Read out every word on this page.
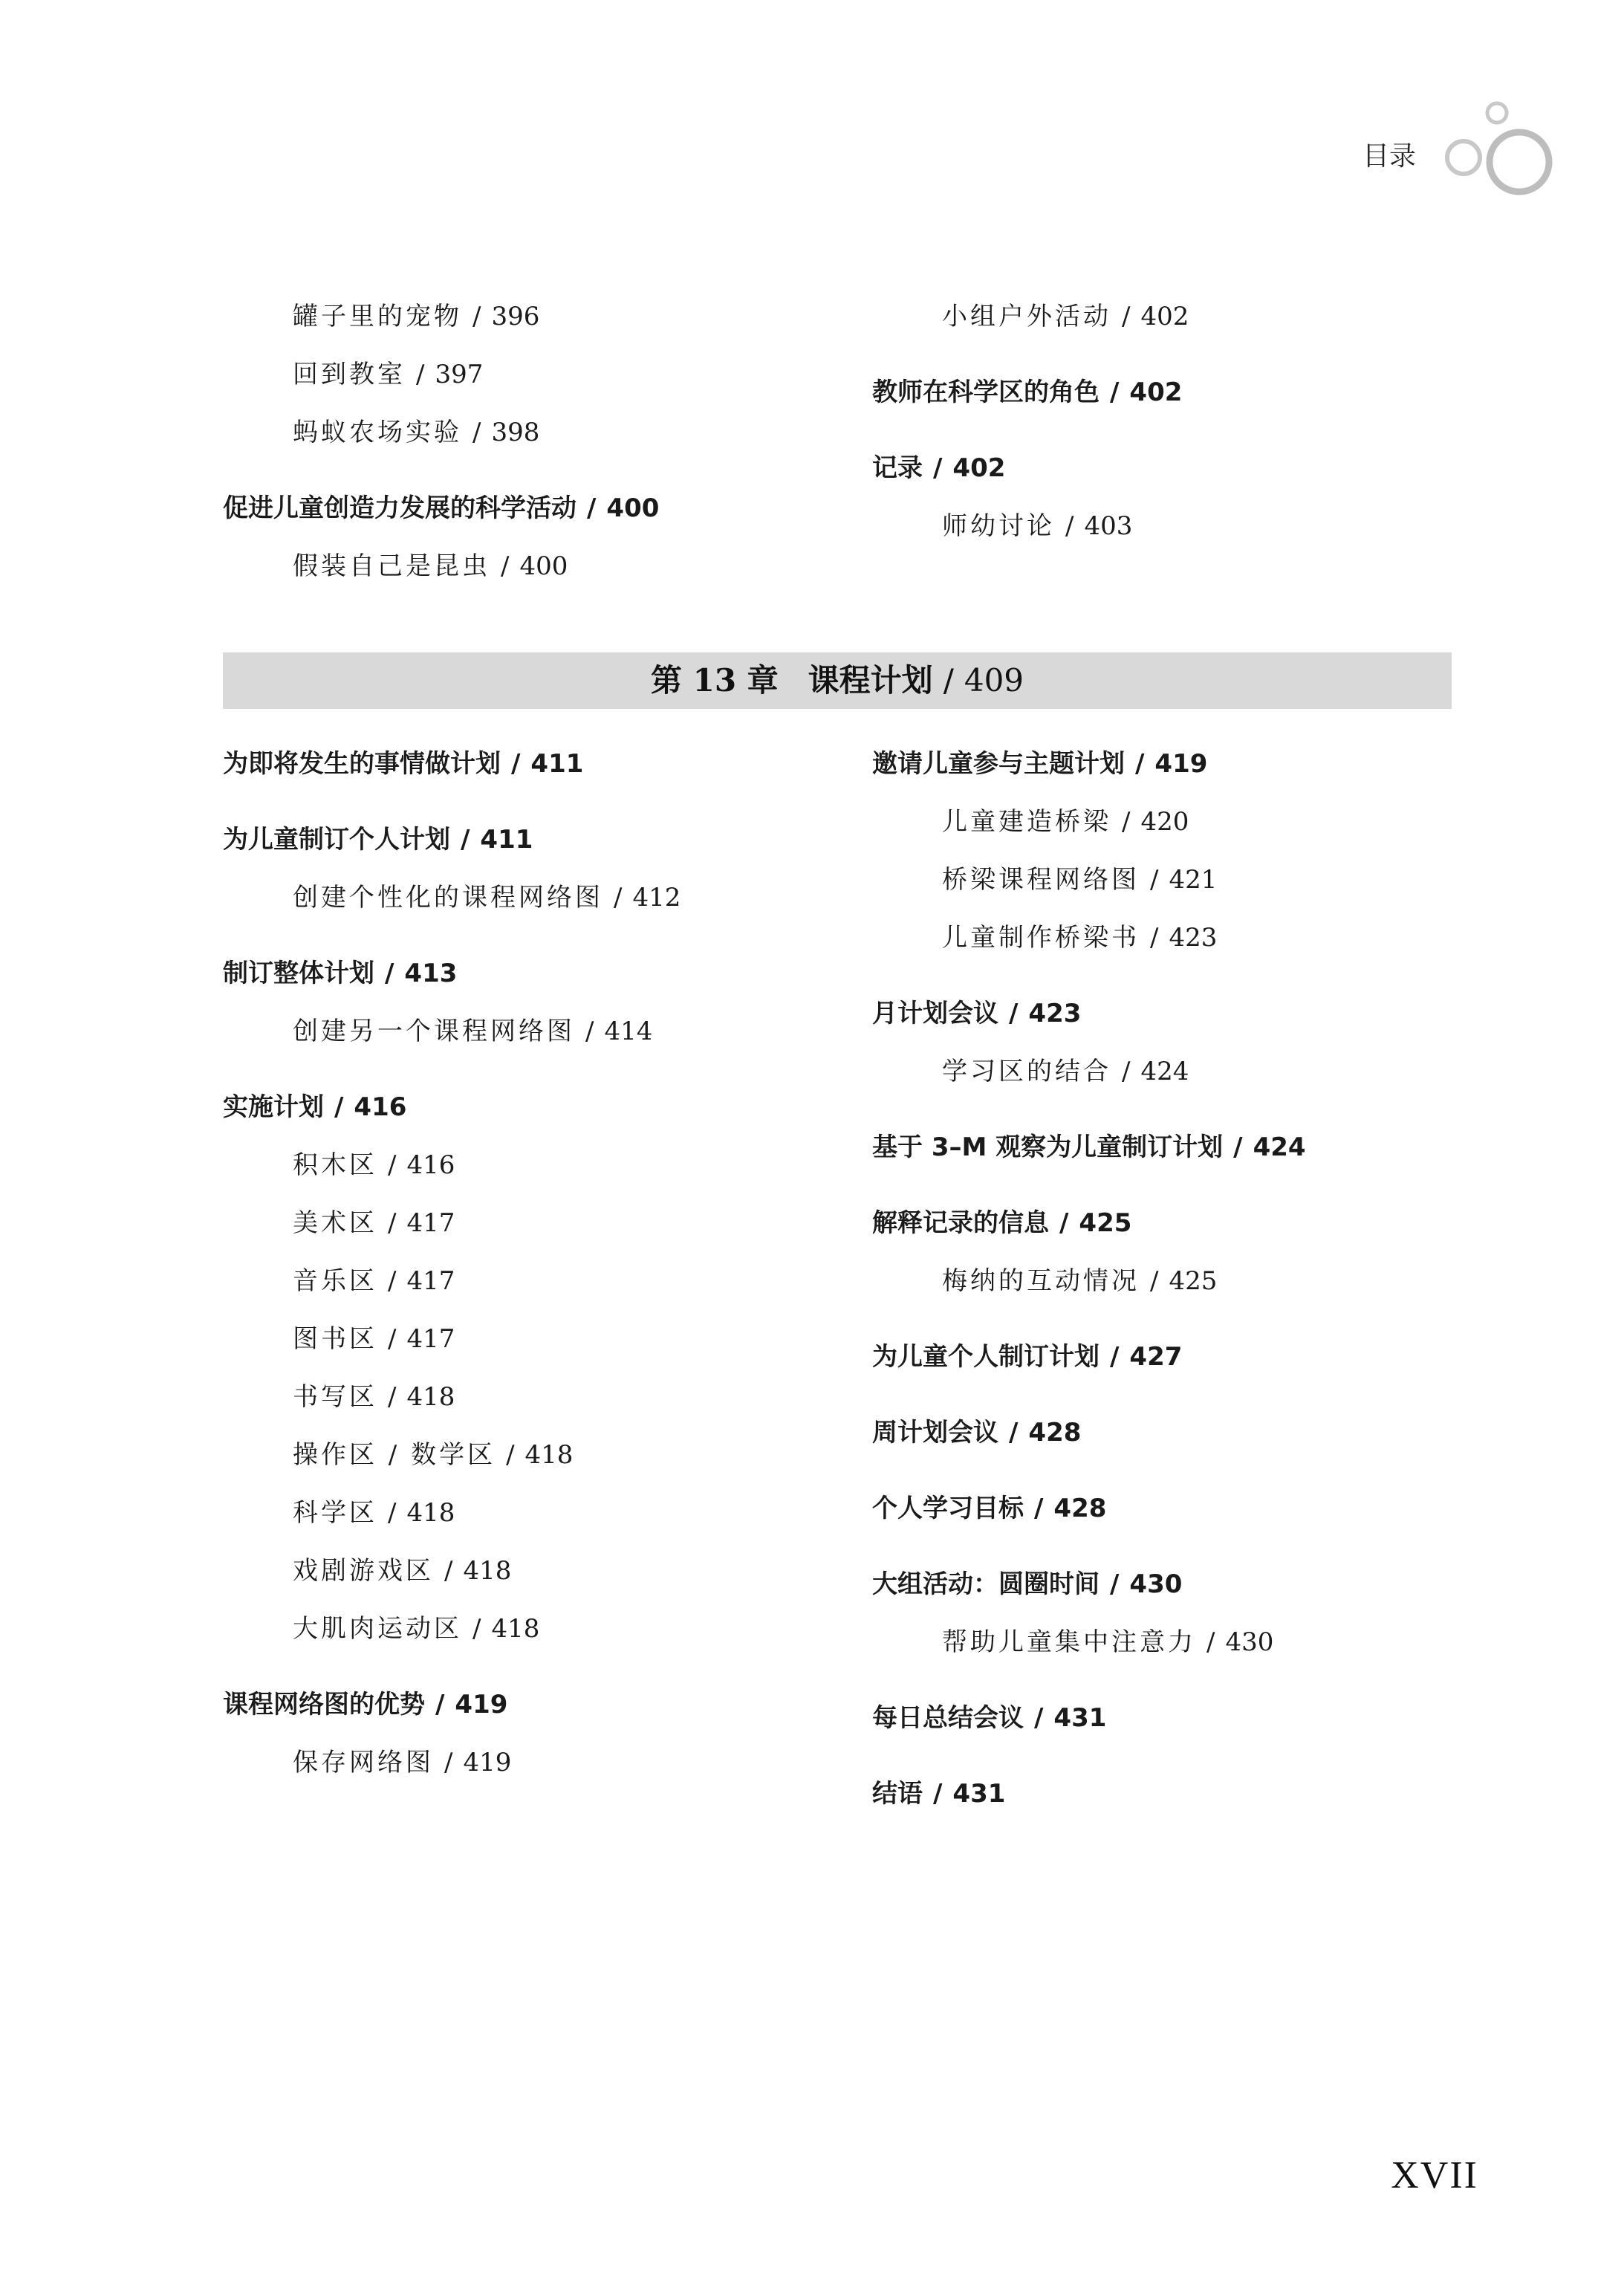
目录
罐子里的宠物 / 396
回到教室 / 397
蚂蚁农场实验 / 398
促进儿童创造力发展的科学活动 / 400
假装自己是昆虫 / 400
小组户外活动 / 402
教师在科学区的角色 / 402
记录 / 402
师幼讨论 / 403
第 13 章 课程计划 / 409
为即将发生的事情做计划 / 411
为儿童制订个人计划 / 411
创建个性化的课程网络图 / 412
制订整体计划 / 413
创建另一个课程网络图 / 414
实施计划 / 416
积木区 / 416
美术区 / 417
音乐区 / 417
图书区 / 417
书写区 / 418
操作区 / 数学区 / 418
科学区 / 418
戏剧游戏区 / 418
大肌肉运动区 / 418
课程网络图的优势 / 419
保存网络图 / 419
邀请儿童参与主题计划 / 419
儿童建造桥梁 / 420
桥梁课程网络图 / 421
儿童制作桥梁书 / 423
月计划会议 / 423
学习区的结合 / 424
基于 3–M 观察为儿童制订计划 / 424
解释记录的信息 / 425
梅纳的互动情况 / 425
为儿童个人制订计划 / 427
周计划会议 / 428
个人学习目标 / 428
大组活动：圆圈时间 / 430
帮助儿童集中注意力 / 430
每日总结会议 / 431
结语 / 431
XVII
